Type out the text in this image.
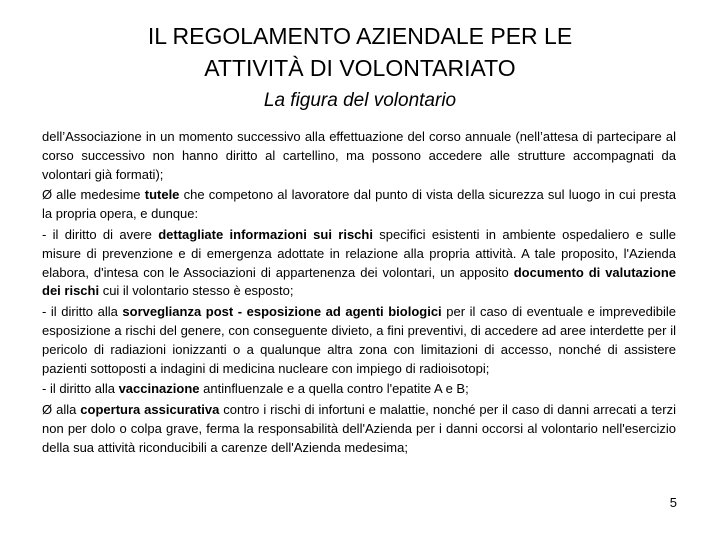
IL REGOLAMENTO AZIENDALE PER LE
ATTIVITÀ DI VOLONTARIATO
La figura del volontario

dell’Associazione in un momento successivo alla effettuazione del corso annuale (nell’attesa di partecipare al corso successivo non hanno diritto al cartellino, ma possono accedere alle strutture accompagnati da volontari già formati);

Ø alle medesime tutele che competono al lavoratore dal punto di vista della sicurezza sul luogo in cui presta la propria opera, e dunque:

- il diritto di avere dettagliate informazioni sui rischi specifici esistenti in ambiente ospedaliero e sulle misure di prevenzione e di emergenza adottate in relazione alla propria attività. A tale proposito, l'Azienda elabora, d'intesa con le Associazioni di appartenenza dei volontari, un apposito documento di valutazione dei rischi cui il volontario stesso è esposto;

- il diritto alla sorveglianza post - esposizione ad agenti biologici per il caso di eventuale e imprevedibile esposizione a rischi del genere, con conseguente divieto, a fini preventivi, di accedere ad aree interdette per il pericolo di radiazioni ionizzanti o a qualunque altra zona con limitazioni di accesso, nonché di assistere pazienti sottoposti a indagini di medicina nucleare con impiego di radioisotopi;

- il diritto alla vaccinazione antinfluenzale e a quella contro l'epatite A e B;

Ø alla copertura assicurativa contro i rischi di infortuni e malattie, nonché per il caso di danni arrecati a terzi non per dolo o colpa grave, ferma la responsabilità dell'Azienda per i danni occorsi al volontario nell'esercizio della sua attività riconducibili a carenze dell'Azienda medesima;

5
